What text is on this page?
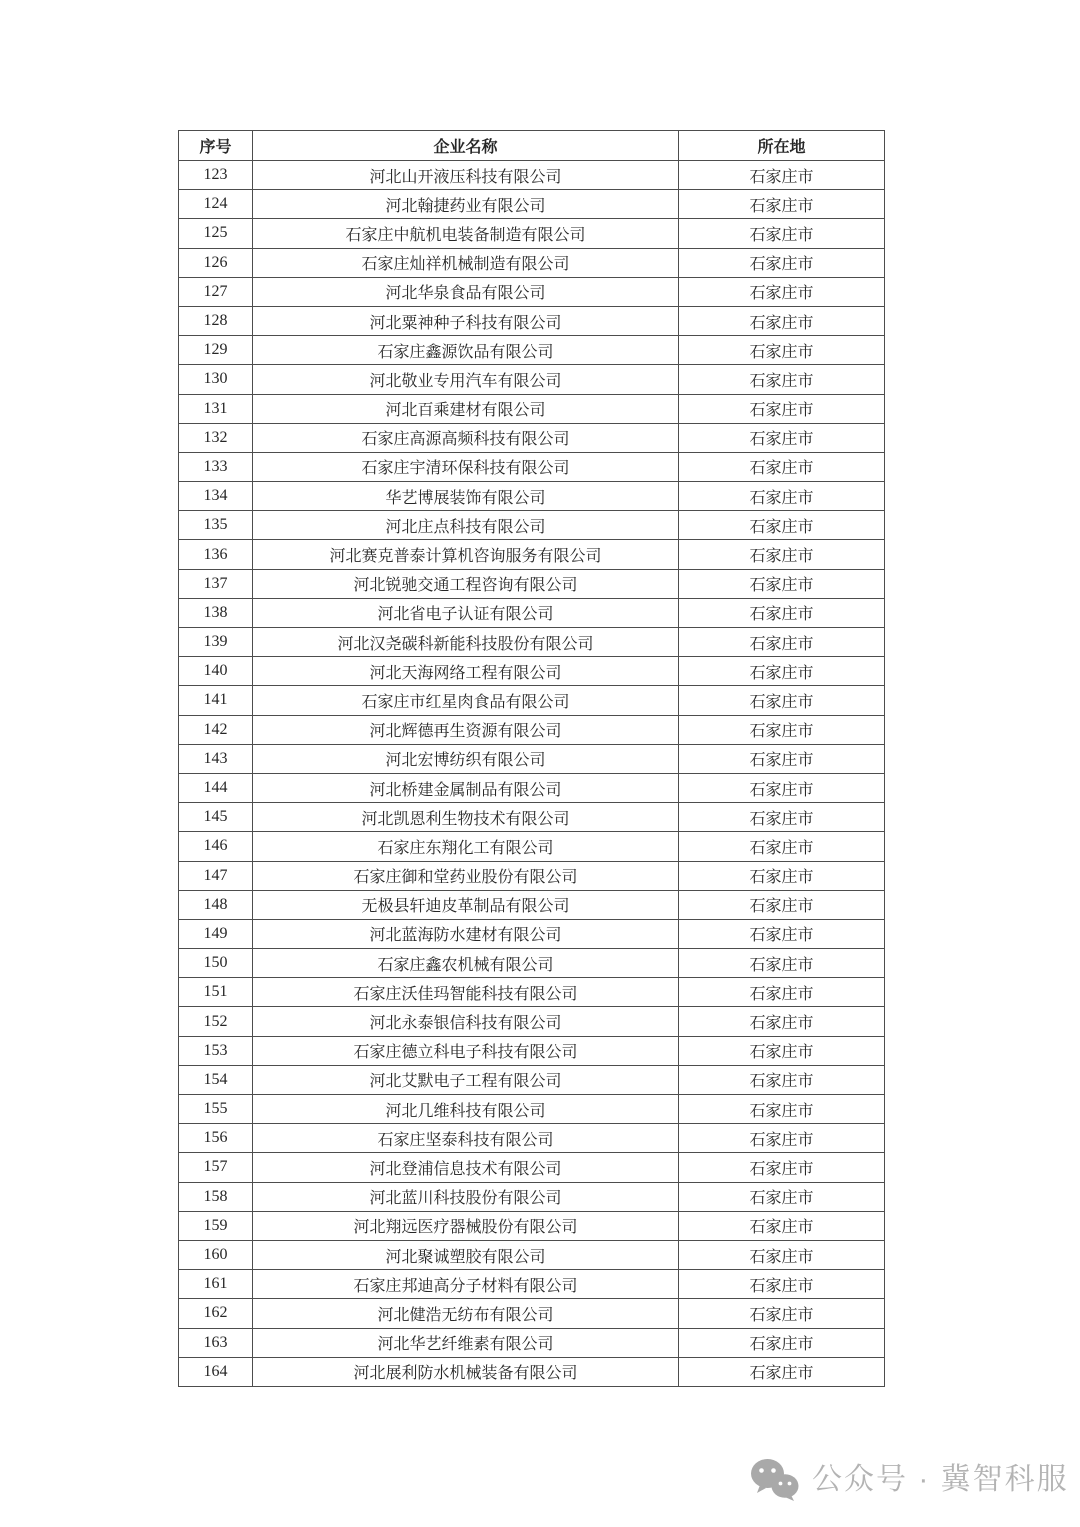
序号	企业名称	所在地
123	河北山开液压科技有限公司	石家庄市
124	河北翰捷药业有限公司	石家庄市
125	石家庄中航机电装备制造有限公司	石家庄市
126	石家庄灿祥机械制造有限公司	石家庄市
127	河北华泉食品有限公司	石家庄市
128	河北粟神种子科技有限公司	石家庄市
129	石家庄鑫源饮品有限公司	石家庄市
130	河北敬业专用汽车有限公司	石家庄市
131	河北百乘建材有限公司	石家庄市
132	石家庄高源高频科技有限公司	石家庄市
133	石家庄宇清环保科技有限公司	石家庄市
134	华艺博展装饰有限公司	石家庄市
135	河北庄点科技有限公司	石家庄市
136	河北赛克普泰计算机咨询服务有限公司	石家庄市
137	河北锐驰交通工程咨询有限公司	石家庄市
138	河北省电子认证有限公司	石家庄市
139	河北汉尧碳科新能科技股份有限公司	石家庄市
140	河北天海网络工程有限公司	石家庄市
141	石家庄市红星肉食品有限公司	石家庄市
142	河北辉德再生资源有限公司	石家庄市
143	河北宏博纺织有限公司	石家庄市
144	河北桥建金属制品有限公司	石家庄市
145	河北凯恩利生物技术有限公司	石家庄市
146	石家庄东翔化工有限公司	石家庄市
147	石家庄御和堂药业股份有限公司	石家庄市
148	无极县轩迪皮革制品有限公司	石家庄市
149	河北蓝海防水建材有限公司	石家庄市
150	石家庄鑫农机械有限公司	石家庄市
151	石家庄沃佳玛智能科技有限公司	石家庄市
152	河北永泰银信科技有限公司	石家庄市
153	石家庄德立科电子科技有限公司	石家庄市
154	河北艾默电子工程有限公司	石家庄市
155	河北几维科技有限公司	石家庄市
156	石家庄坚泰科技有限公司	石家庄市
157	河北登浦信息技术有限公司	石家庄市
158	河北蓝川科技股份有限公司	石家庄市
159	河北翔远医疗器械股份有限公司	石家庄市
160	河北聚诚塑胶有限公司	石家庄市
161	石家庄邦迪高分子材料有限公司	石家庄市
162	河北健浩无纺布有限公司	石家庄市
163	河北华艺纤维素有限公司	石家庄市
164	河北展利防水机械装备有限公司	石家庄市
公众号 · 冀智科服
